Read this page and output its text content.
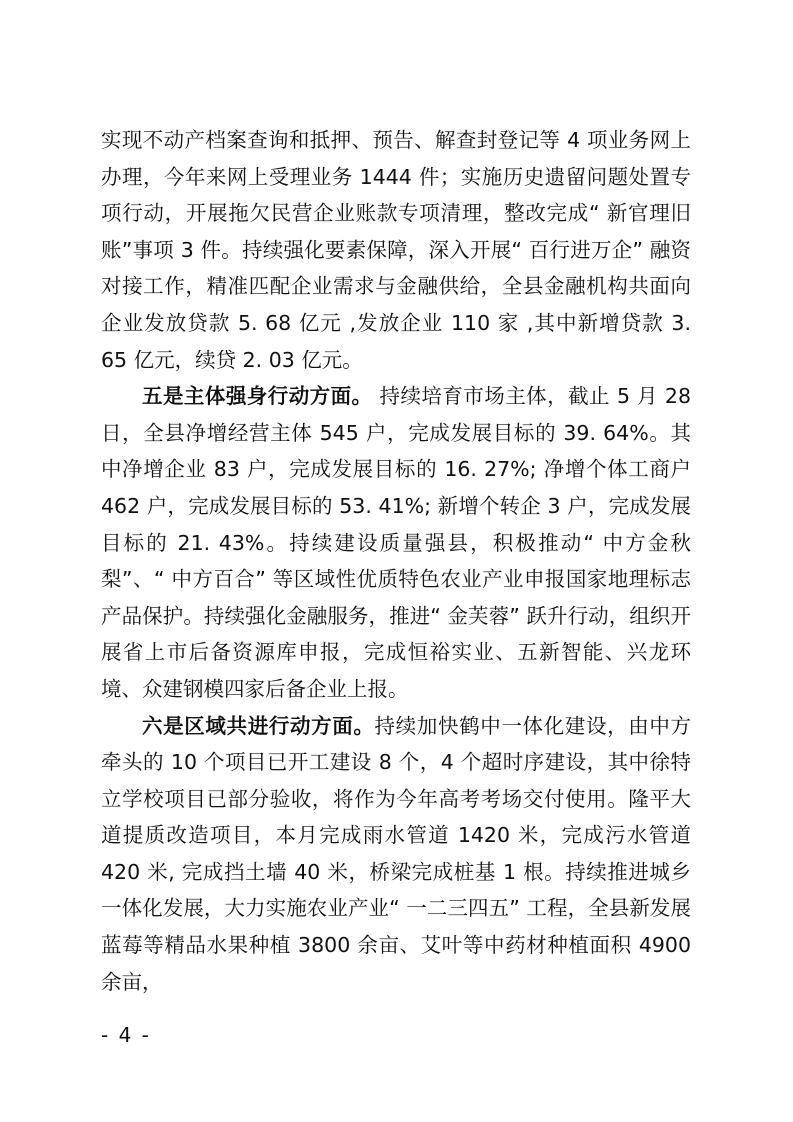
实现不动产档案查询和抵押、预告、解查封登记等 4 项业务网上办理，今年来网上受理业务 1444 件；实施历史遗留问题处置专项行动，开展拖欠民营企业账款专项清理，整改完成“ 新官理旧账”事项 3 件。持续强化要素保障，深入开展“ 百行进万企” 融资对接工作，精准匹配企业需求与金融供给，全县金融机构共面向企业发放贷款 5. 68 亿元 ,发放企业 110 家 ,其中新增贷款 3. 65 亿元，续贷 2. 03 亿元。

五是主体强身行动方面。 持续培育市场主体，截止 5 月 28 日，全县净增经营主体 545 户，完成发展目标的 39. 64%。其中净增企业 83 户，完成发展目标的 16. 27%; 净增个体工商户 462 户，完成发展目标的 53. 41%; 新增个转企 3 户，完成发展目标的 21. 43%。持续建设质量强县，积极推动“ 中方金秋梨”、“ 中方百合” 等区域性优质特色农业产业申报国家地理标志产品保护。持续强化金融服务，推进“ 金芙蓉” 跃升行动，组织开展省上市后备资源库申报，完成恒裕实业、五新智能、兴龙环境、众建钢模四家后备企业上报。

六是区域共进行动方面。持续加快鹤中一体化建设，由中方牵头的 10 个项目已开工建设 8 个，4 个超时序建设，其中徐特立学校项目已部分验收，将作为今年高考考场交付使用。隆平大道提质改造项目，本月完成雨水管道 1420 米，完成污水管道 420 米, 完成挡土墙 40 米，桥梁完成桩基 1 根。持续推进城乡一体化发展，大力实施农业产业“ 一二三四五” 工程，全县新发展蓝莓等精品水果种植 3800 余亩、艾叶等中药材种植面积 4900 余亩，

- 4 -
